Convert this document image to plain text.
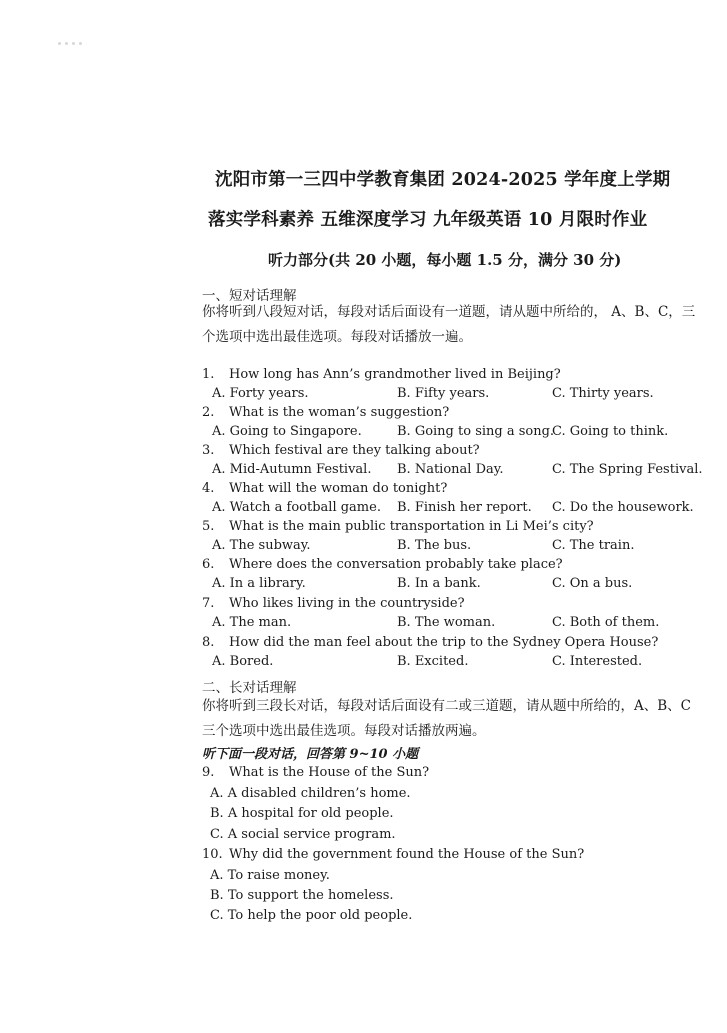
沈阳市第一三四中学教育集团 2024-2025 学年度上学期
落实学科素养 五维深度学习 九年级英语 10 月限时作业
听力部分(共 20 小题，每小题 1.5 分，满分 30 分)
一、短对话理解
你将听到八段短对话，每段对话后面设有一道题，请从题中所给的， A、B、C，三个选项中选出最佳选项。每段对话播放一遍。
1. How long has Ann’s grandmother lived in Beijing?
A. Forty years.	B. Fifty years.	C. Thirty years.
2. What is the woman’s suggestion?
A. Going to Singapore.	B. Going to sing a song.
C. Going to think.
3. Which festival are they talking about?
A. Mid-Autumn Festival. B. National Day.	C. The Spring Festival.
4. What will the woman do tonight?
A. Watch a football game. B. Finish her report. C. Do the housework.
5. What is the main public transportation in Li Mei’s city?
A. The subway.	B. The bus.	C. The train.
6. Where does the conversation probably take place?
A. In a library.	B. In a bank.	C. On a bus.
7. Who likes living in the countryside?
A. The man.	B. The woman.	C. Both of them.
8. How did the man feel about the trip to the Sydney Opera House?
A. Bored.	B. Excited.	C. Interested.
二、长对话理解
你将听到三段长对话，每段对话后面设有二或三道题，请从题中所给的，A、B、C 三个选项中选出最佳选项。每段对话播放两遍。
听下面一段对话，回答第 9~10 小题
9. What is the House of the Sun?
A. A disabled children’s home.
B. A hospital for old people.
C. A social service program.
10. Why did the government found the House of the Sun?
A. To raise money.
B. To support the homeless.
C. To help the poor old people.
